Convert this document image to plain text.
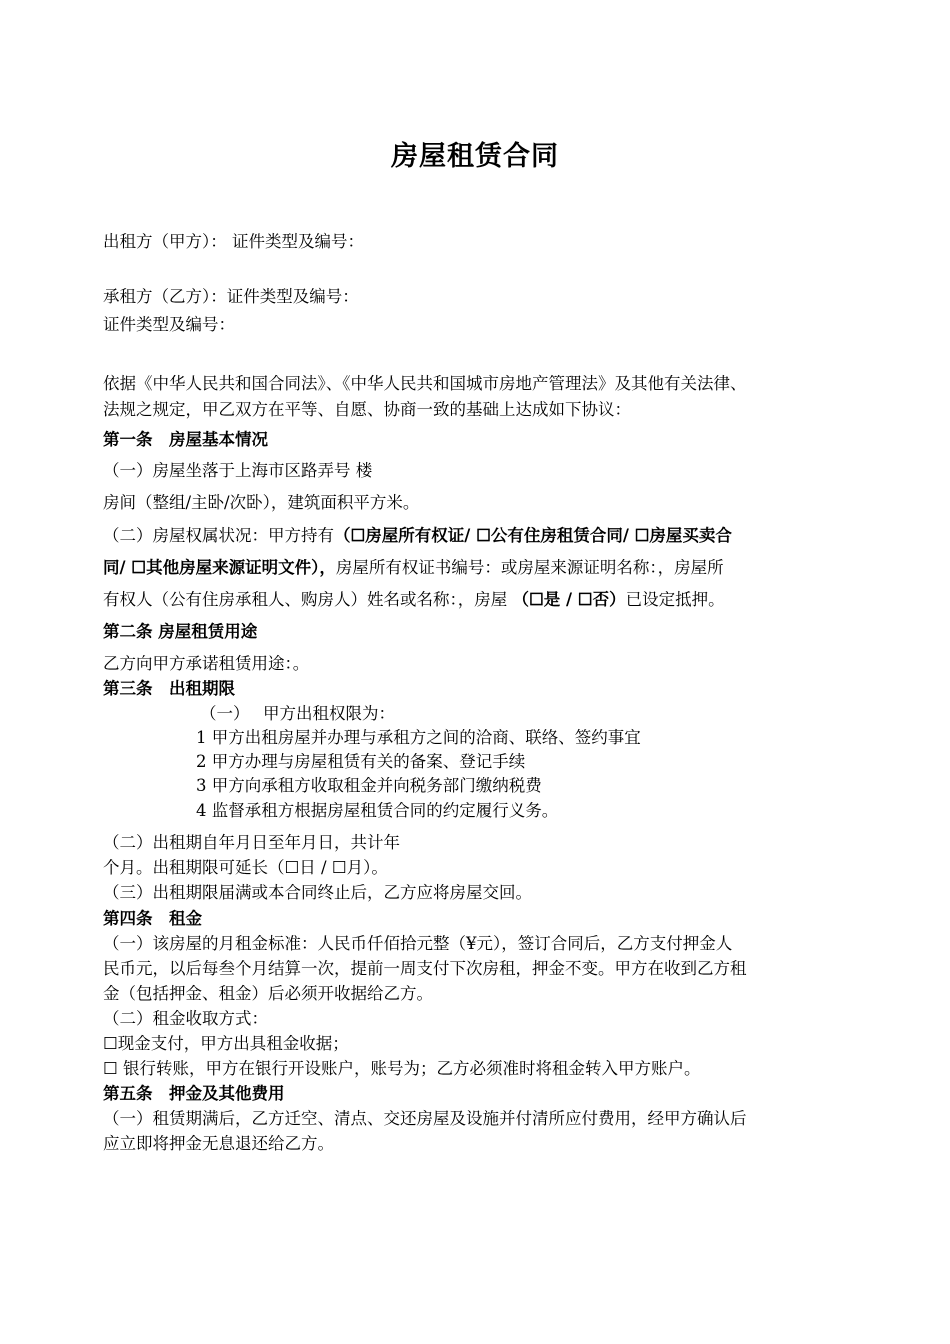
房屋租赁合同
出租方（甲方）： 证件类型及编号：
承租方（乙方）：证件类型及编号：
证件类型及编号：
依据《中华人民共和国合同法》、《中华人民共和国城市房地产管理法》及其他有关法律、
法规之规定，甲乙双方在平等、自愿、协商一致的基础上达成如下协议：
第一条　房屋基本情况
（一）房屋坐落于上海市区路弄号 楼
房间（整组/主卧/次卧），建筑面积平方米。
（二）房屋权属状况：甲方持有（☐房屋所有权证/ ☐公有住房租赁合同/ ☐房屋买卖合
同/ ☐其他房屋来源证明文件），房屋所有权证书编号：或房屋来源证明名称：，房屋所
有权人（公有住房承租人、购房人）姓名或名称：，房屋 （☐是 / ☐否）已设定抵押。
第二条 房屋租赁用途
乙方向甲方承诺租赁用途：。
第三条　出租期限
（一）　 甲方出租权限为：
1 甲方出租房屋并办理与承租方之间的洽商、联络、签约事宜
2 甲方办理与房屋租赁有关的备案、登记手续
3 甲方向承租方收取租金并向税务部门缴纳税费
4 监督承租方根据房屋租赁合同的约定履行义务。
（二）出租期自年月日至年月日，共计年
个月。出租期限可延长（☐日 / ☐月）。
（三）出租期限届满或本合同终止后，乙方应将房屋交回。
第四条　租金
（一）该房屋的月租金标准：人民币仟佰拾元整（¥元），签订合同后，乙方支付押金人
民币元，以后每叁个月结算一次，提前一周支付下次房租，押金不变。甲方在收到乙方租
金（包括押金、租金）后必须开收据给乙方。
（二）租金收取方式：
☐现金支付，甲方出具租金收据；
☐ 银行转账，甲方在银行开设账户，账号为；乙方必须准时将租金转入甲方账户。
第五条　押金及其他费用
（一）租赁期满后，乙方迁空、清点、交还房屋及设施并付清所应付费用，经甲方确认后
应立即将押金无息退还给乙方。
